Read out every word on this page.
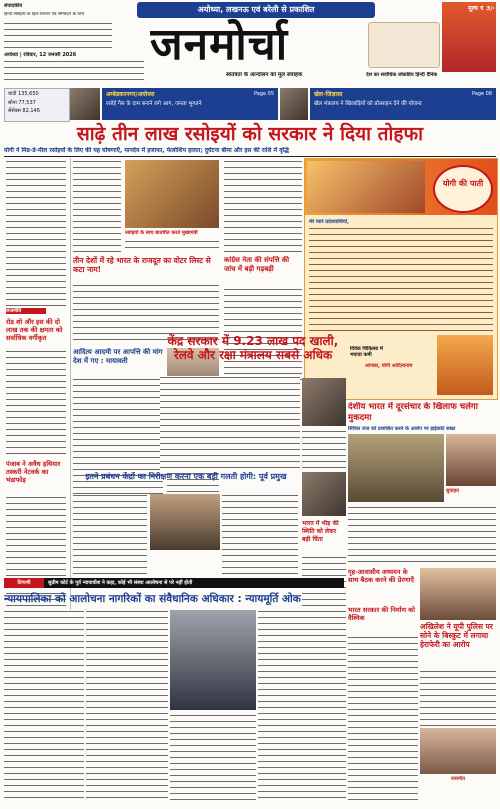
संपादकीय
हिन्दी साहित्य के हित-चिन्तन एवं सम्पादन के लिए
अयोध्या, लखनऊ एवं बरेली से प्रकाशित
जनमोर्चा
स्वतंत्रता के आन्दोलन का मूल संवाहक
मूल्य ₹ 3/-
देश का सर्वाधिक लोकप्रिय हिन्दी दैनिक
अयोध्या | रविवार, 12 जनवरी 2026
चांदी 135,650
सोना 77,537
सेंसेक्स 82,146
अम्बेडकरनगर/अयोध्या
रसोई गैस के दाम बनाने लगे आग, जनता भुगतने
Page 05	खेल-जिज्ञासा
खेल मंत्रालय ने खिलाड़ियों को प्रोत्साहन देने की योजना
Page 08
साढ़े तीन लाख रसोइयों को सरकार ने दिया तोहफा
योगी ने मिड-डे-मील रसोइयों के लिए की यह घोषणाएँ, मानदेय में इजाफा, फेलोशिप हालत; दुर्घटना बीमा और इस की राशि में वृद्धि
राजनीति
रोड शो और इस की दो लाख तक की क्षमता को सर्वाधिक वर्गीकृत
पंजाब ने अवैध हथियार तस्करी नेटवर्क का भंडाफोड़
रसोइयों के साथ बातचीत करते मुख्यमंत्री
तीन देशों में रहे भारत के राजदूत का वोटर लिस्ट से कटा नाम!
आदित्य आदमी पर आपत्ति की मांग देश में गए : मायावती
कांग्रेस नेता की संपत्ति की जांच में बड़ी गड़बड़ी
योगी की पाती
मेरे प्यारे प्रदेशवासियों,
आपका, योगी आदित्यनाथ
केंद्र सरकार में 9.23 लाख पद खाली, रेलवे और रक्षा मंत्रालय सबसे अधिक	विवेक चिकित्सा में भयावा कमी
देशीय भारत में दूरसंचार के खिलाफ चलेगा मुकदमा
सिविल जज को प्रशासित करने के आरोप पर हाईकोर्ट सख्त
सुवाहत
गृह-आवासीय अध्ययन के साथ बैठक करने की प्रेरणाएँ
इतने प्रबंधन केंद्रों का निरीक्षण करना एक बड़ी गलती होगी: पूर्व प्रमुख
भारत में भीड़ की स्थिति को लेकर बढ़ी चिंता
टिप्पणी	सुप्रीम कोर्ट के पूर्व न्यायाधीश ने कहा, कोई भी संस्था आलोचना से परे नहीं होती
न्यायपालिका को आलोचना नागरिकों का संवैधानिक अधिकार : न्यायमूर्ति ओक
भारत सरकार की निर्माण को वैश्विक
अखिलेश ने यूपी पुलिस पर सोने के बिस्कुट में लगाया हेराफेरी का आरोप
रजानीत
